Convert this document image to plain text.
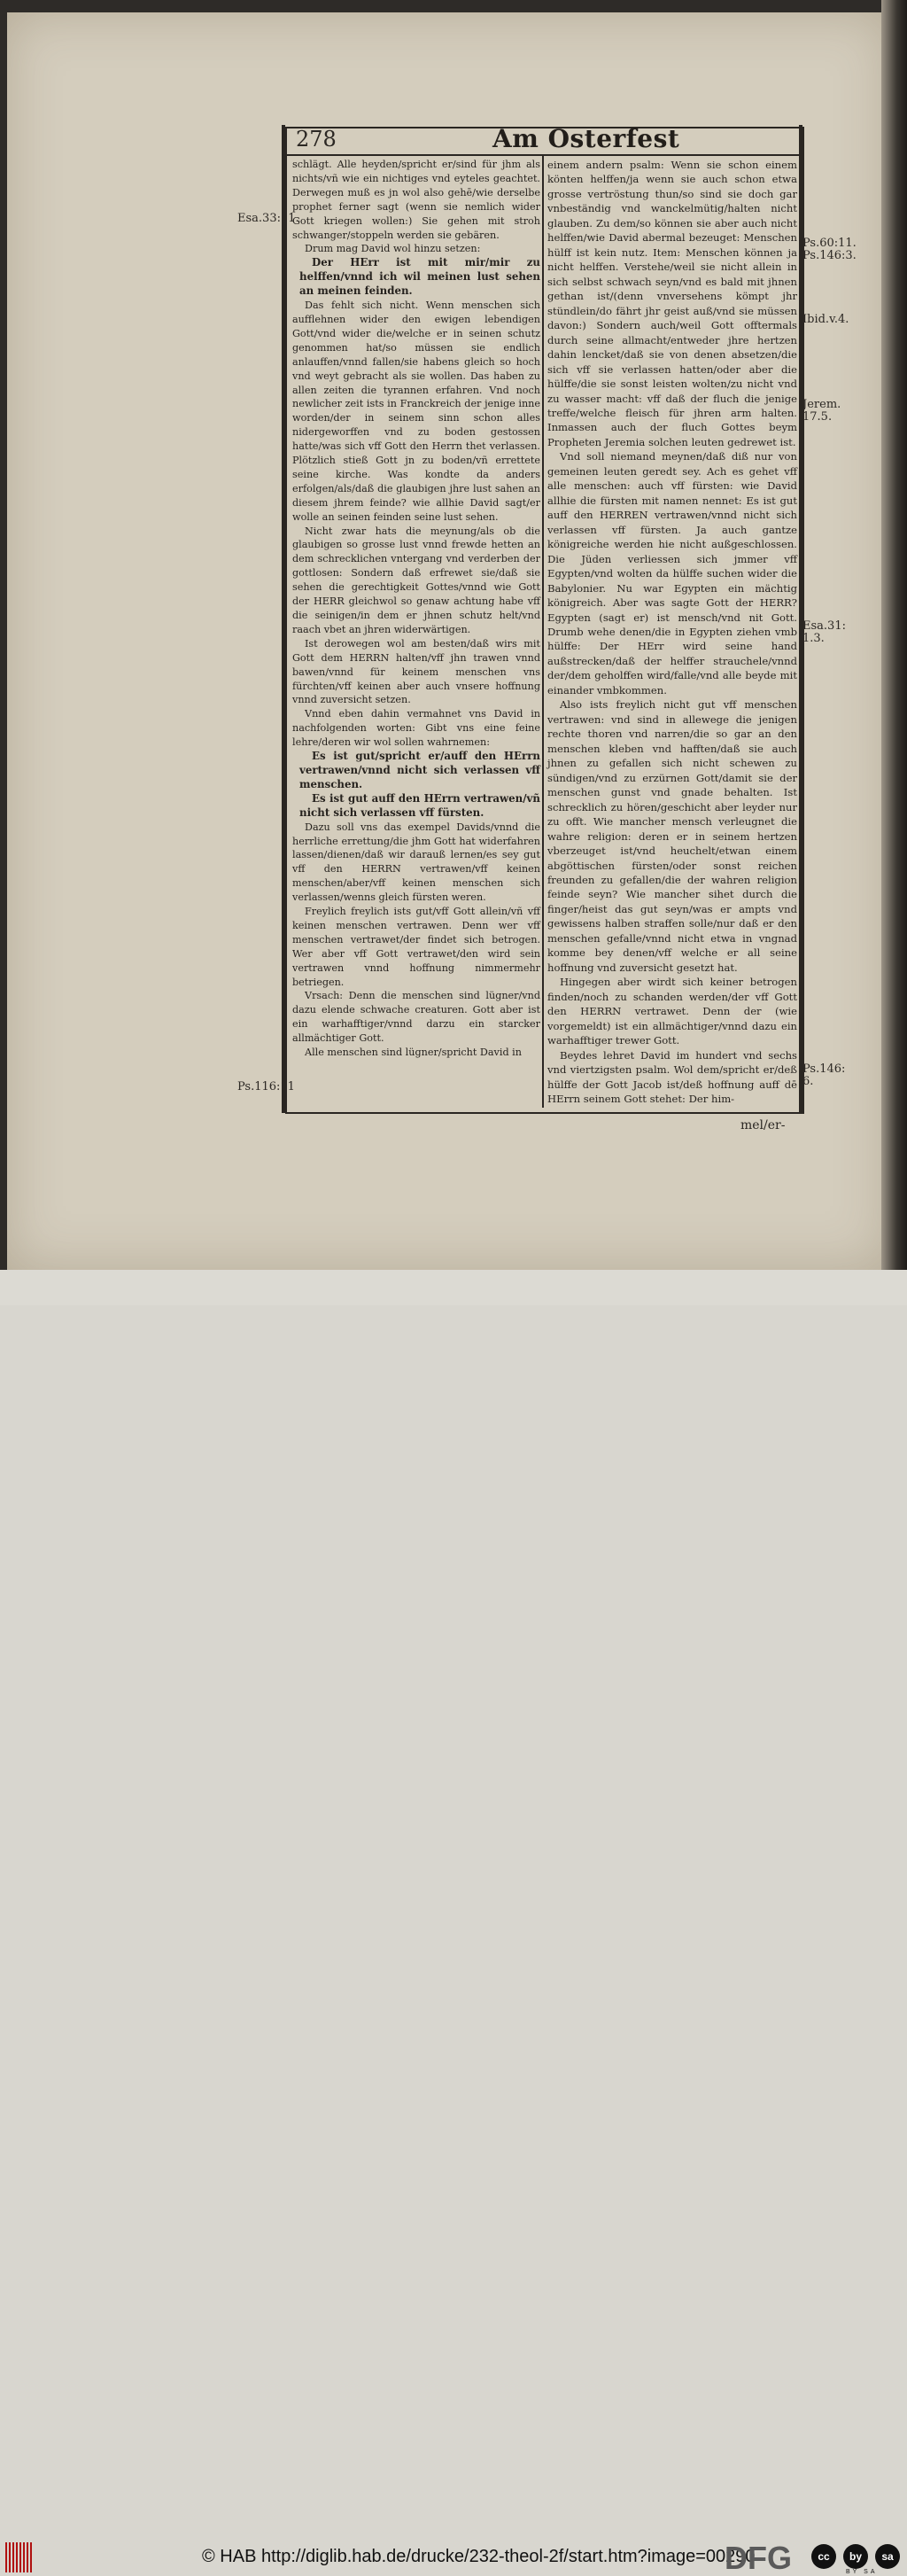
278	Am Osterfest

schlägt. Alle heyden/spricht er/sind für jhm als nichts/vñ wie ein nichtiges vnd eyteles geachtet. Derwegen muß es jn wol also gehē/wie derselbe prophet ferner sagt (wenn sie nemlich wider Gott kriegen wollen:) Sie gehen mit stroh schwanger/stoppeln werden sie gebären.

Drum mag David wol hinzu setzen:

Der HErr ist mit mir/mir zu helffen/vnnd ich wil meinen lust sehen an meinen feinden.

Das fehlt sich nicht. Wenn menschen sich aufflehnen wider den ewigen lebendigen Gott/vnd wider die/welche er in seinen schutz genommen hat/so müssen sie endlich anlauffen/vnnd fallen/sie habens gleich so hoch vnd weyt gebracht als sie wollen. Das haben zu allen zeiten die tyrannen erfahren. Vnd noch newlicher zeit ists in Franckreich der jenige inne worden/der in seinem sinn schon alles nidergeworffen vnd zu boden gestossen hatte/was sich vff Gott den Herrn thet verlassen. Plötzlich stieß Gott jn zu boden/vñ errettete seine kirche. Was kondte da anders erfolgen/als/daß die glaubigen jhre lust sahen an diesem jhrem feinde? wie allhie David sagt/er wolle an seinen feinden seine lust sehen.

Nicht zwar hats die meynung/als ob die glaubigen so grosse lust vnnd frewde hetten an dem schrecklichen vntergang vnd verderben der gottlosen: Sondern daß erfrewet sie/daß sie sehen die gerechtigkeit Gottes/vnnd wie Gott der HERR gleichwol so genaw achtung habe vff die seinigen/in dem er jhnen schutz helt/vnd raach vbet an jhren widerwärtigen.

Ist derowegen wol am besten/daß wirs mit Gott dem HERRN halten/vff jhn trawen vnnd bawen/vnnd für keinem menschen vns fürchten/vff keinen aber auch vnsere hoffnung vnnd zuversicht setzen.

Vnnd eben dahin vermahnet vns David in nachfolgenden worten: Gibt vns eine feine lehre/deren wir wol sollen wahrnemen:

Es ist gut/spricht er/auff den HErrn vertrawen/vnnd nicht sich verlassen vff menschen.

Es ist gut auff den HErrn vertrawen/vñ nicht sich verlassen vff fürsten.

Dazu soll vns das exempel Davids/vnnd die herrliche errettung/die jhm Gott hat widerfahren lassen/dienen/daß wir darauß lernen/es sey gut vff den HERRN vertrawen/vff keinen menschen/aber/vff keinen menschen sich verlassen/wenns gleich fürsten weren.

Freylich freylich ists gut/vff Gott allein/vñ vff keinen menschen vertrawen. Denn wer vff menschen vertrawet/der findet sich betrogen. Wer aber vff Gott vertrawet/den wird sein vertrawen vnnd hoffnung nimmermehr betriegen.

Vrsach: Denn die menschen sind lügner/vnd dazu elende schwache creaturen. Gott aber ist ein warhafftiger/vnnd darzu ein starcker allmächtiger Gott.

Alle menschen sind lügner/spricht David in

einem andern psalm: Wenn sie schon einem könten helffen/ja wenn sie auch schon etwa grosse vertröstung thun/so sind sie doch gar vnbeständig vnd wanckelmütig/halten nicht glauben. Zu dem/so können sie aber auch nicht helffen/wie David abermal bezeuget: Menschen hülff ist kein nutz. Item: Menschen können ja nicht helffen. Verstehe/weil sie nicht allein in sich selbst schwach seyn/vnd es bald mit jhnen gethan ist/(denn vnversehens kömpt jhr stündlein/do fährt jhr geist auß/vnd sie müssen davon:) Sondern auch/weil Gott offtermals durch seine allmacht/entweder jhre hertzen dahin lencket/daß sie von denen absetzen/die sich vff sie verlassen hatten/oder aber die hülffe/die sie sonst leisten wolten/zu nicht vnd zu wasser macht: vff daß der fluch die jenige treffe/welche fleisch für jhren arm halten. Inmassen auch der fluch Gottes beym Propheten Jeremia solchen leuten gedrewet ist.

Vnd soll niemand meynen/daß diß nur von gemeinen leuten geredt sey. Ach es gehet vff alle menschen: auch vff fürsten: wie David allhie die fürsten mit namen nennet: Es ist gut auff den HERREN vertrawen/vnnd nicht sich verlassen vff fürsten. Ja auch gantze königreiche werden hie nicht außgeschlossen. Die Jüden verliessen sich jmmer vff Egypten/vnd wolten da hülffe suchen wider die Babylonier. Nu war Egypten ein mächtig königreich. Aber was sagte Gott der HERR? Egypten (sagt er) ist mensch/vnd nit Gott. Drumb wehe denen/die in Egypten ziehen vmb hülffe: Der HErr wird seine hand außstrecken/daß der helffer strauchele/vnnd der/dem geholffen wird/falle/vnd alle beyde mit einander vmbkommen.

Also ists freylich nicht gut vff menschen vertrawen: vnd sind in allewege die jenigen rechte thoren vnd narren/die so gar an den menschen kleben vnd hafften/daß sie auch jhnen zu gefallen sich nicht schewen zu sündigen/vnd zu erzürnen Gott/damit sie der menschen gunst vnd gnade behalten. Ist schrecklich zu hören/geschicht aber leyder nur zu offt. Wie mancher mensch verleugnet die wahre religion: deren er in seinem hertzen vberzeuget ist/vnd heuchelt/etwan einem abgöttischen fürsten/oder sonst reichen freunden zu gefallen/die der wahren religion feinde seyn? Wie mancher sihet durch die finger/heist das gut seyn/was er ampts vnd gewissens halben straffen solle/nur daß er den menschen gefalle/vnnd nicht etwa in vngnad komme bey denen/vff welche er all seine hoffnung vnd zuversicht gesetzt hat.

Hingegen aber wirdt sich keiner betrogen finden/noch zu schanden werden/der vff Gott den HERRN vertrawet. Denn der (wie vorgemeldt) ist ein allmächtiger/vnnd dazu ein warhafftiger trewer Gott.

Beydes lehret David im hundert vnd sechs vnd viertzigsten psalm. Wol dem/spricht er/deß hülffe der Gott Jacob ist/deß hoffnung auff dē HErrn seinem Gott stehet: Der him-

Esa.33:11.
Ps.116:11
Ps.60:11.
Ps.146:3.
Ibid.v.4.
Jerem.
17.5.
Esa.31:
1.3.
Ps.146:
6.
mel/er-
© HAB http://diglib.hab.de/drucke/232-theol-2f/start.htm?image=00290
DFG	cc	by	sa
BY SA
